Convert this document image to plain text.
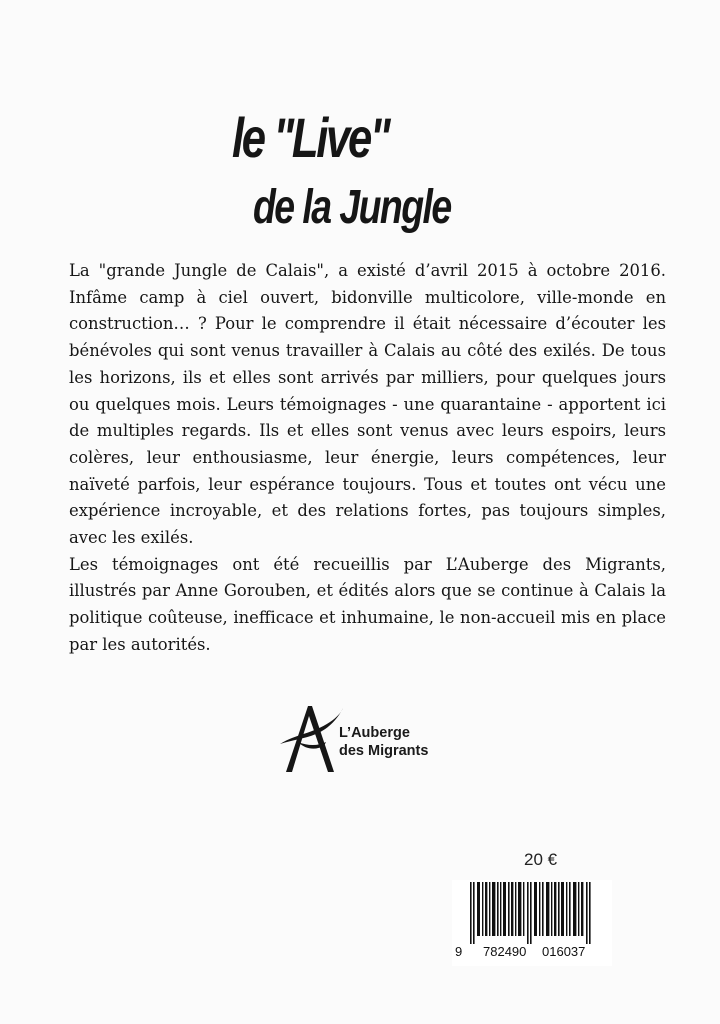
le "Live"
de la Jungle

La "grande Jungle de Calais", a existé d’avril 2015 à octobre 2016. Infâme camp à ciel ouvert, bidonville multicolore, ville-monde en construction… ? Pour le comprendre il était nécessaire d’écouter les bénévoles qui sont venus travailler à Calais au côté des exilés. De tous les horizons, ils et elles sont arrivés par milliers, pour quelques jours ou quelques mois. Leurs témoignages - une quarantaine - apportent ici de multiples regards. Ils et elles sont venus avec leurs espoirs, leurs colères, leur enthousiasme, leur énergie, leurs compétences, leur naïveté parfois, leur espérance toujours. Tous et toutes ont vécu une expérience incroyable, et des relations fortes, pas toujours simples, avec les exilés.

Les témoignages ont été recueillis par L’Auberge des Migrants, illustrés par Anne Gorouben, et édités alors que se continue à Calais la politique coûteuse, inefficace et inhumaine, le non-accueil mis en place par les autorités.

L’Auberge
des Migrants
20 €
9 782490 016037
